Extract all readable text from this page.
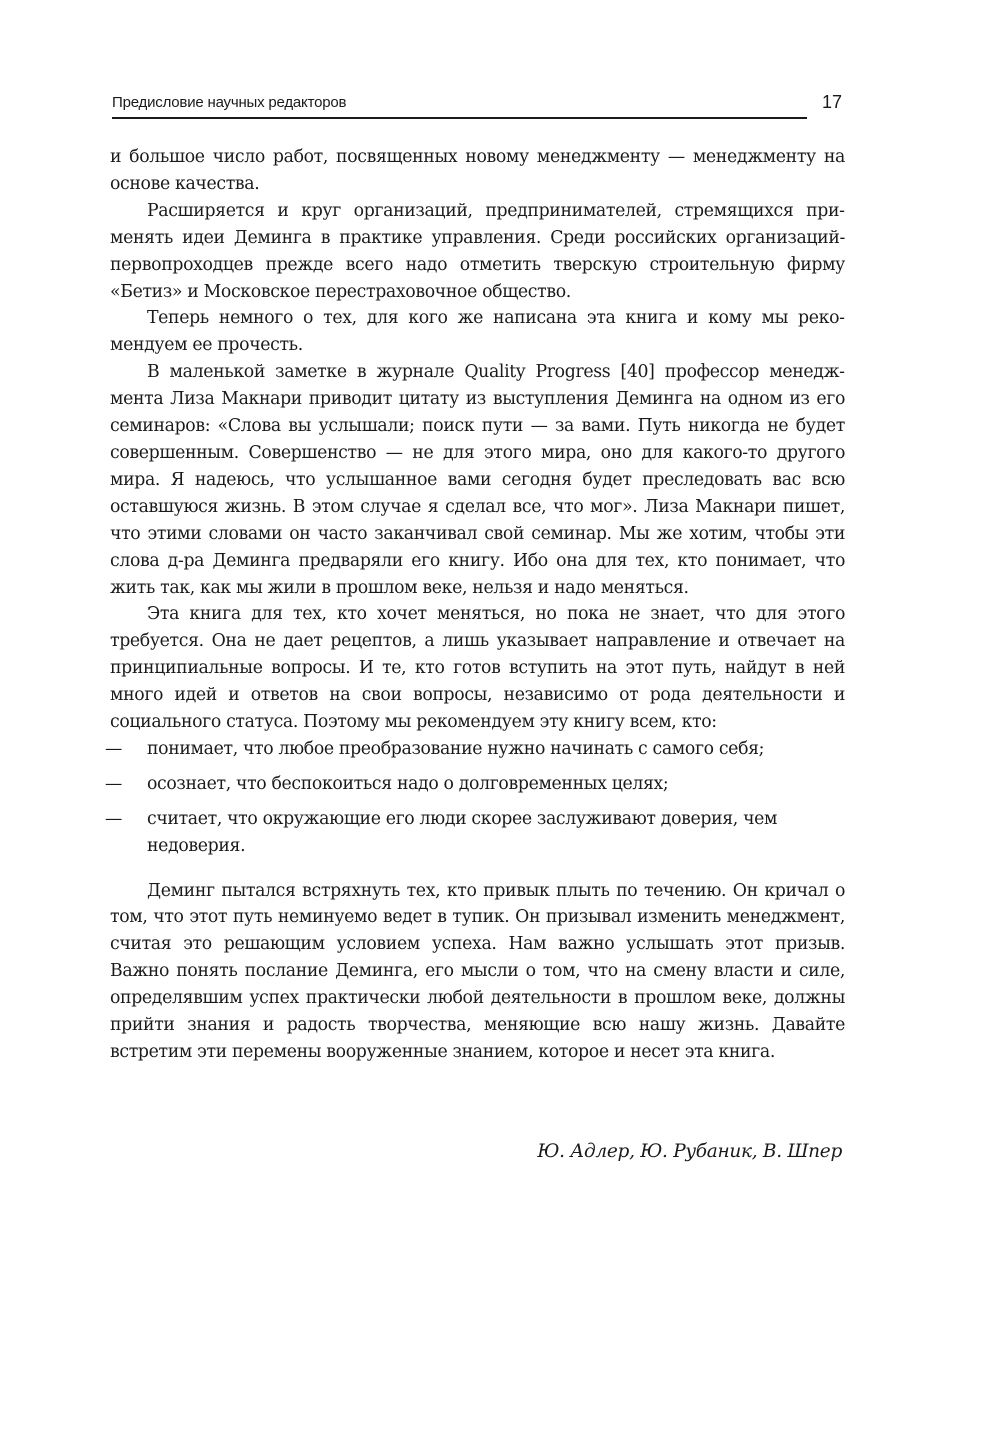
Предисловие научных редакторов	17

и большое число работ, посвященных новому менеджменту — менеджменту на основе качества.

Расширяется и круг организаций, предпринимателей, стремящихся применять идеи Деминга в практике управления. Среди российских организаций-первопроходцев прежде всего надо отметить тверскую строительную фирму «Бетиз» и Московское перестраховочное общество.

Теперь немного о тех, для кого же написана эта книга и кому мы рекомендуем ее прочесть.

В маленькой заметке в журнале Quality Progress [40] профессор менеджмента Лиза Макнари приводит цитату из выступления Деминга на одном из его семинаров: «Слова вы услышали; поиск пути — за вами. Путь никогда не будет совершенным. Совершенство — не для этого мира, оно для какого-то другого мира. Я надеюсь, что услышанное вами сегодня будет преследовать вас всю оставшуюся жизнь. В этом случае я сделал все, что мог». Лиза Макнари пишет, что этими словами он часто заканчивал свой семинар. Мы же хотим, чтобы эти слова д-ра Деминга предваряли его книгу. Ибо она для тех, кто понимает, что жить так, как мы жили в прошлом веке, нельзя и надо меняться.

Эта книга для тех, кто хочет меняться, но пока не знает, что для этого требуется. Она не дает рецептов, а лишь указывает направление и отвечает на принципиальные вопросы. И те, кто готов вступить на этот путь, найдут в ней много идей и ответов на свои вопросы, независимо от рода деятельности и социального статуса. Поэтому мы рекомендуем эту книгу всем, кто:

— понимает, что любое преобразование нужно начинать с самого себя;
— осознает, что беспокоиться надо о долговременных целях;
— считает, что окружающие его люди скорее заслуживают доверия, чем недоверия.

Деминг пытался встряхнуть тех, кто привык плыть по течению. Он кричал о том, что этот путь неминуемо ведет в тупик. Он призывал изменить менеджмент, считая это решающим условием успеха. Нам важно услышать этот призыв. Важно понять послание Деминга, его мысли о том, что на смену власти и силе, определявшим успех практически любой деятельности в прошлом веке, должны прийти знания и радость творчества, меняющие всю нашу жизнь. Давайте встретим эти перемены вооруженные знанием, которое и несет эта книга.

Ю. Адлер, Ю. Рубаник, В. Шпер
